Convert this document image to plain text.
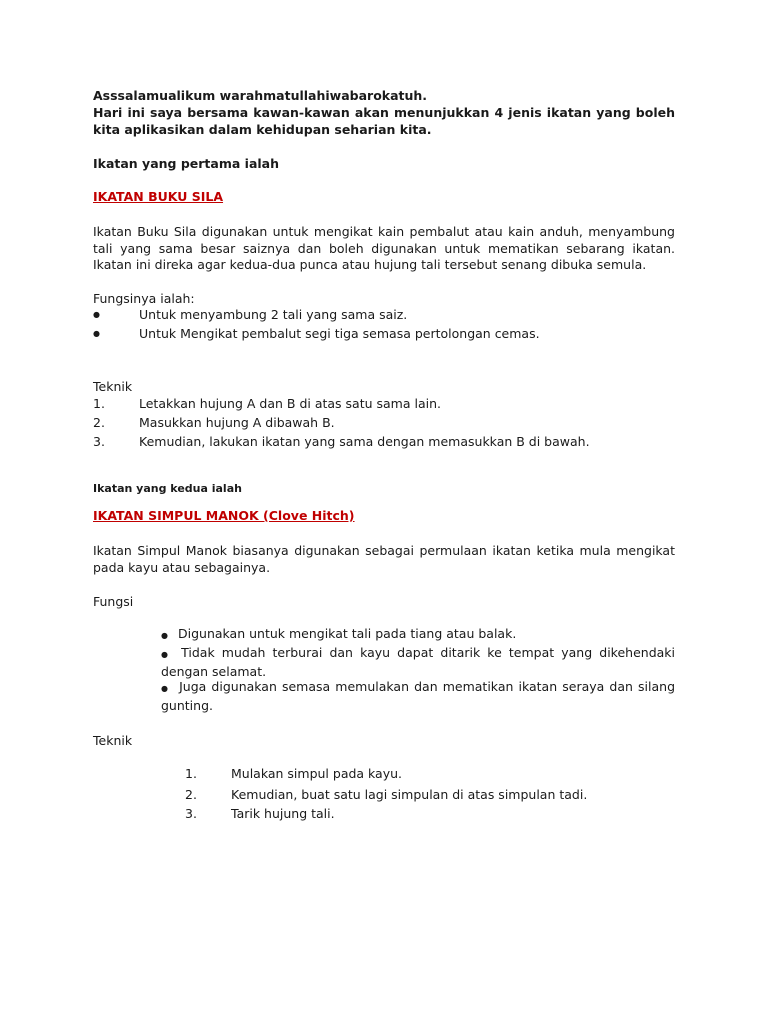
Asssalamualikum warahmatullahiwabarokatuh.
Hari ini saya bersama kawan-kawan akan menunjukkan 4 jenis ikatan yang boleh kita aplikasikan dalam kehidupan seharian kita.
Ikatan yang pertama ialah
IKATAN BUKU SILA
Ikatan Buku Sila digunakan untuk mengikat kain pembalut atau kain anduh, menyambung tali yang sama besar saiznya dan boleh digunakan untuk mematikan sebarang ikatan. Ikatan ini direka agar kedua-dua punca atau hujung tali tersebut senang dibuka semula.
Fungsinya ialah:
●	Untuk menyambung 2 tali yang sama saiz.
●	Untuk Mengikat pembalut segi tiga semasa pertolongan cemas.
Teknik
1.	Letakkan hujung A dan B di atas satu sama lain.
2.	Masukkan hujung A dibawah B.
3.	Kemudian, lakukan ikatan yang sama dengan memasukkan B di bawah.
Ikatan yang kedua ialah
IKATAN SIMPUL MANOK (Clove Hitch)
Ikatan Simpul Manok biasanya digunakan sebagai permulaan ikatan ketika mula mengikat pada kayu atau sebagainya.
Fungsi
● Digunakan untuk mengikat tali pada tiang atau balak.
● Tidak mudah terburai dan kayu dapat ditarik ke tempat yang dikehendaki dengan selamat.
● Juga digunakan semasa memulakan dan mematikan ikatan seraya dan silang gunting.
Teknik
1.	Mulakan simpul pada kayu.
2.	Kemudian, buat satu lagi simpulan di atas simpulan tadi.
3.	Tarik hujung tali.
